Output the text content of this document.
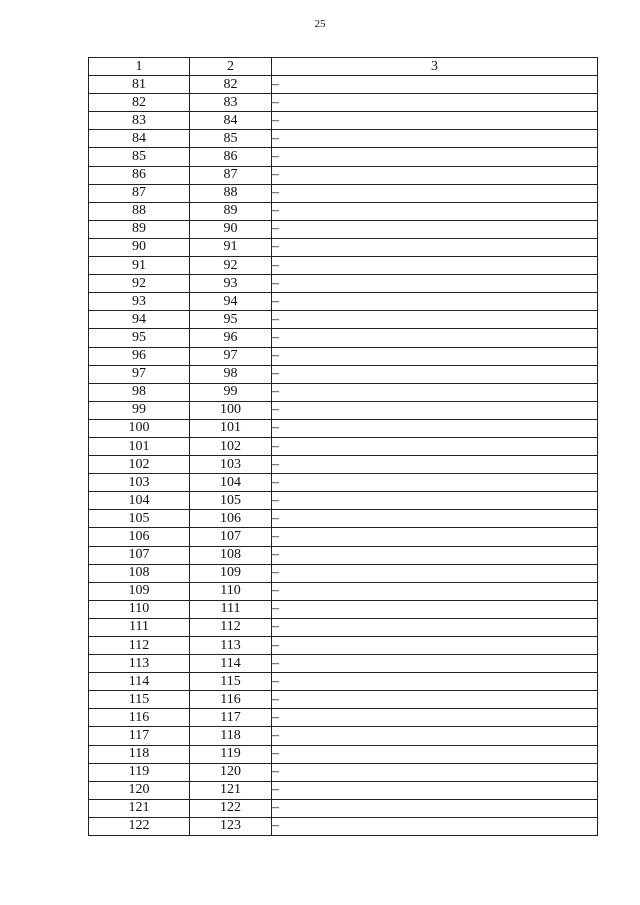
25
1	2	3
81	82	–
82	83	–
83	84	–
84	85	–
85	86	–
86	87	–
87	88	–
88	89	–
89	90	–
90	91	–
91	92	–
92	93	–
93	94	–
94	95	–
95	96	–
96	97	–
97	98	–
98	99	–
99	100	–
100	101	–
101	102	–
102	103	–
103	104	–
104	105	–
105	106	–
106	107	–
107	108	–
108	109	–
109	110	–
110	111	–
111	112	–
112	113	–
113	114	–
114	115	–
115	116	–
116	117	–
117	118	–
118	119	–
119	120	–
120	121	–
121	122	–
122	123	–
